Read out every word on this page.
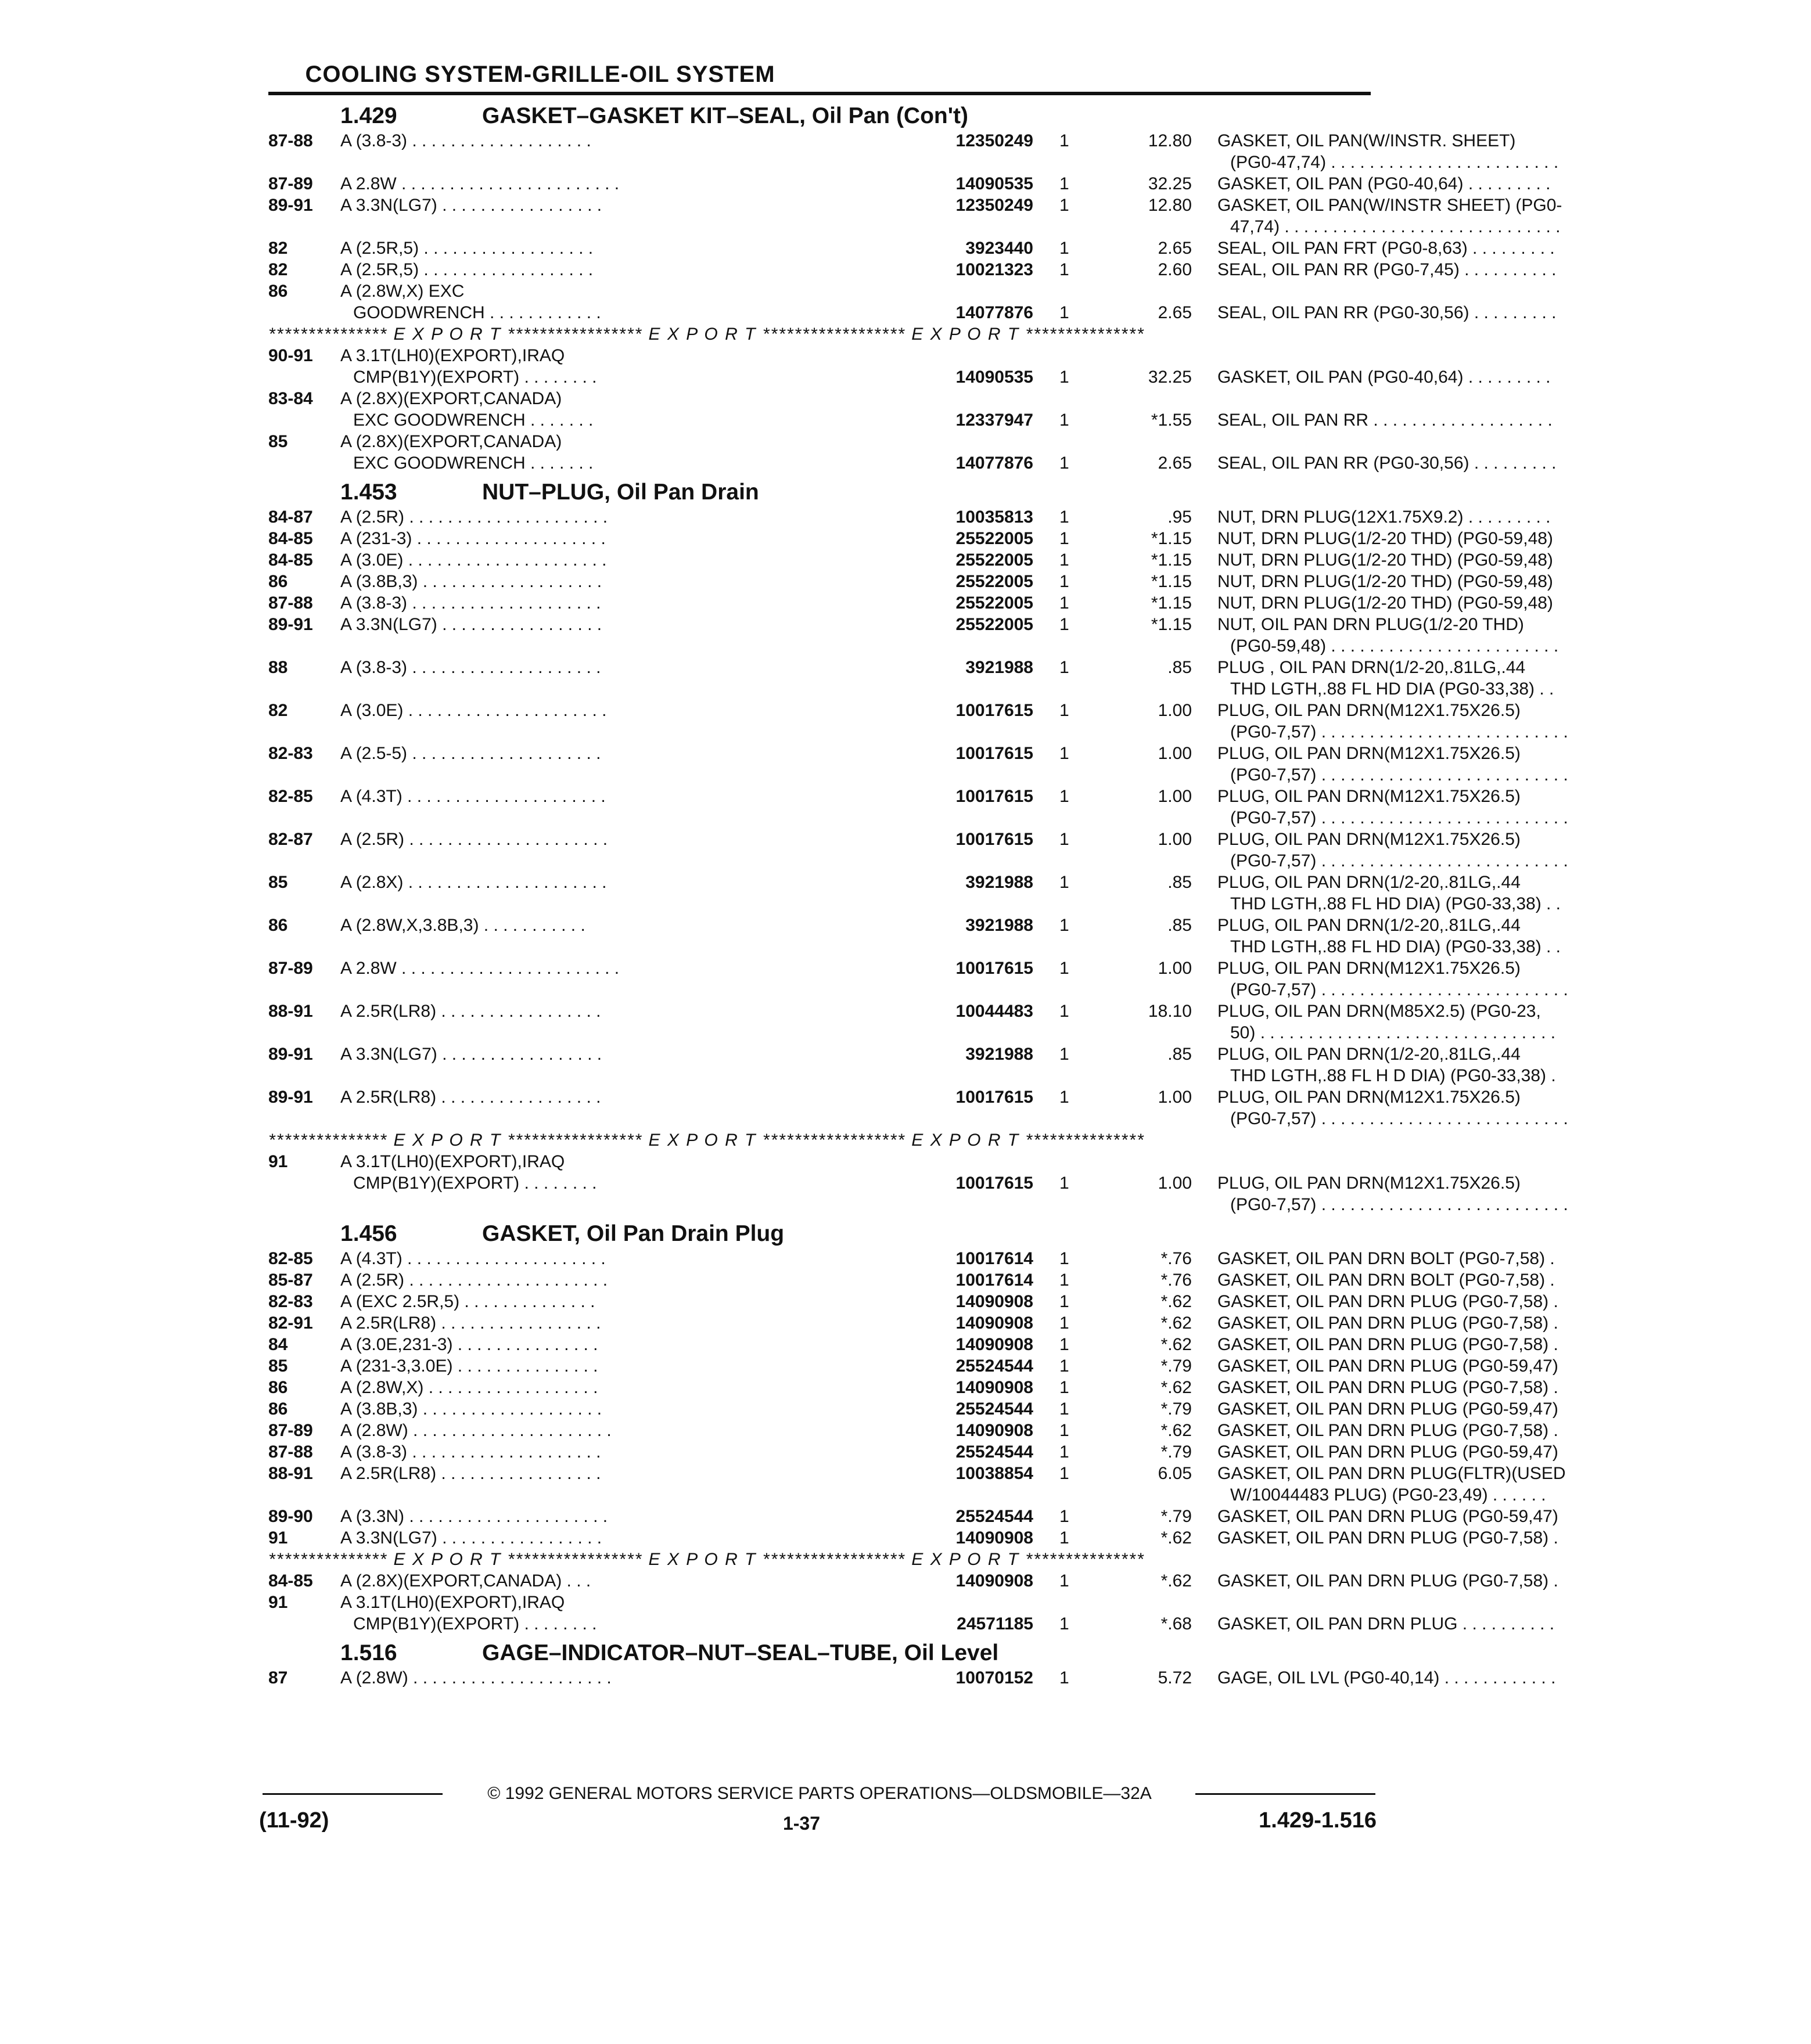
COOLING SYSTEM-GRILLE-OIL SYSTEM
1.429	GASKET–GASKET KIT–SEAL, Oil Pan (Con't)
87-88 A (3.8-3) . . . . . . . . . . . . . . . . . . .	12350249 1	12.80 GASKET, OIL PAN(W/INSTR. SHEET)
(PG0-47,74) . . . . . . . . . . . . . . . . . . . . . . . .
87-89 A 2.8W . . . . . . . . . . . . . . . . . . . . . . .	14090535 1	32.25 GASKET, OIL PAN (PG0-40,64) . . . . . . . . .
89-91 A 3.3N(LG7) . . . . . . . . . . . . . . . . .	12350249 1	12.80 GASKET, OIL PAN(W/INSTR SHEET) (PG0-
47,74) . . . . . . . . . . . . . . . . . . . . . . . . . . . . .
82	A (2.5R,5) . . . . . . . . . . . . . . . . . .	3923440 1	2.65 SEAL, OIL PAN FRT (PG0-8,63) . . . . . . . . .
82	A (2.5R,5) . . . . . . . . . . . . . . . . . .	10021323 1	2.60 SEAL, OIL PAN RR (PG0-7,45) . . . . . . . . . .
86	A (2.8W,X) EXC
GOODWRENCH . . . . . . . . . . . .	14077876 1	2.65 SEAL, OIL PAN RR (PG0-30,56) . . . . . . . . .
*************** E X P O R T ***************** E X P O R T ****************** E X P O R T ***************
90-91 A 3.1T(LH0)(EXPORT),IRAQ
CMP(B1Y)(EXPORT) . . . . . . . .	14090535 1	32.25 GASKET, OIL PAN (PG0-40,64) . . . . . . . . .
83-84 A (2.8X)(EXPORT,CANADA)
EXC GOODWRENCH . . . . . . .	12337947 1	*1.55 SEAL, OIL PAN RR . . . . . . . . . . . . . . . . . . .
85	A (2.8X)(EXPORT,CANADA)
EXC GOODWRENCH . . . . . . .	14077876 1	2.65 SEAL, OIL PAN RR (PG0-30,56) . . . . . . . . .
1.453	NUT–PLUG, Oil Pan Drain
84-87 A (2.5R) . . . . . . . . . . . . . . . . . . . . .	10035813 1	.95 NUT, DRN PLUG(12X1.75X9.2) . . . . . . . . .
84-85 A (231-3) . . . . . . . . . . . . . . . . . . . .	25522005 1	*1.15 NUT, DRN PLUG(1/2-20 THD) (PG0-59,48)
84-85 A (3.0E) . . . . . . . . . . . . . . . . . . . . .	25522005 1	*1.15 NUT, DRN PLUG(1/2-20 THD) (PG0-59,48)
86	A (3.8B,3) . . . . . . . . . . . . . . . . . . .	25522005 1	*1.15 NUT, DRN PLUG(1/2-20 THD) (PG0-59,48)
87-88 A (3.8-3) . . . . . . . . . . . . . . . . . . . .	25522005 1	*1.15 NUT, DRN PLUG(1/2-20 THD) (PG0-59,48)
89-91 A 3.3N(LG7) . . . . . . . . . . . . . . . . .	25522005 1	*1.15 NUT, OIL PAN DRN PLUG(1/2-20 THD)
(PG0-59,48) . . . . . . . . . . . . . . . . . . . . . . . .
88	A (3.8-3) . . . . . . . . . . . . . . . . . . . .	3921988 1	.85 PLUG , OIL PAN DRN(1/2-20,.81LG,.44
THD LGTH,.88 FL HD DIA (PG0-33,38) . .
82	A (3.0E) . . . . . . . . . . . . . . . . . . . . .	10017615 1	1.00 PLUG, OIL PAN DRN(M12X1.75X26.5)
(PG0-7,57) . . . . . . . . . . . . . . . . . . . . . . . . . .
82-83 A (2.5-5) . . . . . . . . . . . . . . . . . . . .	10017615 1	1.00 PLUG, OIL PAN DRN(M12X1.75X26.5)
(PG0-7,57) . . . . . . . . . . . . . . . . . . . . . . . . . .
82-85 A (4.3T) . . . . . . . . . . . . . . . . . . . . .	10017615 1	1.00 PLUG, OIL PAN DRN(M12X1.75X26.5)
(PG0-7,57) . . . . . . . . . . . . . . . . . . . . . . . . . .
82-87 A (2.5R) . . . . . . . . . . . . . . . . . . . . .	10017615 1	1.00 PLUG, OIL PAN DRN(M12X1.75X26.5)
(PG0-7,57) . . . . . . . . . . . . . . . . . . . . . . . . . .
85	A (2.8X) . . . . . . . . . . . . . . . . . . . . .	3921988 1	.85 PLUG, OIL PAN DRN(1/2-20,.81LG,.44
THD LGTH,.88 FL HD DIA) (PG0-33,38) . .
86	A (2.8W,X,3.8B,3) . . . . . . . . . . .	3921988 1	.85 PLUG, OIL PAN DRN(1/2-20,.81LG,.44
THD LGTH,.88 FL HD DIA) (PG0-33,38) . .
87-89 A 2.8W . . . . . . . . . . . . . . . . . . . . . . .	10017615 1	1.00 PLUG, OIL PAN DRN(M12X1.75X26.5)
(PG0-7,57) . . . . . . . . . . . . . . . . . . . . . . . . . .
88-91 A 2.5R(LR8) . . . . . . . . . . . . . . . . .	10044483 1	18.10 PLUG, OIL PAN DRN(M85X2.5) (PG0-23,
50) . . . . . . . . . . . . . . . . . . . . . . . . . . . . . . .
89-91 A 3.3N(LG7) . . . . . . . . . . . . . . . . .	3921988 1	.85 PLUG, OIL PAN DRN(1/2-20,.81LG,.44
THD LGTH,.88 FL H D DIA) (PG0-33,38) .
89-91 A 2.5R(LR8) . . . . . . . . . . . . . . . . .	10017615 1	1.00 PLUG, OIL PAN DRN(M12X1.75X26.5)
(PG0-7,57) . . . . . . . . . . . . . . . . . . . . . . . . . .
*************** E X P O R T ***************** E X P O R T ****************** E X P O R T ***************
91	A 3.1T(LH0)(EXPORT),IRAQ
CMP(B1Y)(EXPORT) . . . . . . . .	10017615 1	1.00 PLUG, OIL PAN DRN(M12X1.75X26.5)
(PG0-7,57) . . . . . . . . . . . . . . . . . . . . . . . . . .
1.456	GASKET, Oil Pan Drain Plug
82-85 A (4.3T) . . . . . . . . . . . . . . . . . . . . .	10017614 1	*.76 GASKET, OIL PAN DRN BOLT (PG0-7,58) .
85-87 A (2.5R) . . . . . . . . . . . . . . . . . . . . .	10017614 1	*.76 GASKET, OIL PAN DRN BOLT (PG0-7,58) .
82-83 A (EXC 2.5R,5) . . . . . . . . . . . . . .	14090908 1	*.62 GASKET, OIL PAN DRN PLUG (PG0-7,58) .
82-91 A 2.5R(LR8) . . . . . . . . . . . . . . . . .	14090908 1	*.62 GASKET, OIL PAN DRN PLUG (PG0-7,58) .
84	A (3.0E,231-3) . . . . . . . . . . . . . . .	14090908 1	*.62 GASKET, OIL PAN DRN PLUG (PG0-7,58) .
85	A (231-3,3.0E) . . . . . . . . . . . . . . .	25524544 1	*.79 GASKET, OIL PAN DRN PLUG (PG0-59,47)
86	A (2.8W,X) . . . . . . . . . . . . . . . . . .	14090908 1	*.62 GASKET, OIL PAN DRN PLUG (PG0-7,58) .
86	A (3.8B,3) . . . . . . . . . . . . . . . . . . .	25524544 1	*.79 GASKET, OIL PAN DRN PLUG (PG0-59,47)
87-89 A (2.8W) . . . . . . . . . . . . . . . . . . . . .	14090908 1	*.62 GASKET, OIL PAN DRN PLUG (PG0-7,58) .
87-88 A (3.8-3) . . . . . . . . . . . . . . . . . . . .	25524544 1	*.79 GASKET, OIL PAN DRN PLUG (PG0-59,47)
88-91 A 2.5R(LR8) . . . . . . . . . . . . . . . . .	10038854 1	6.05 GASKET, OIL PAN DRN PLUG(FLTR)(USED
W/10044483 PLUG) (PG0-23,49) . . . . . .
89-90 A (3.3N) . . . . . . . . . . . . . . . . . . . . .	25524544 1	*.79 GASKET, OIL PAN DRN PLUG (PG0-59,47)
91	A 3.3N(LG7) . . . . . . . . . . . . . . . . .	14090908 1	*.62 GASKET, OIL PAN DRN PLUG (PG0-7,58) .
*************** E X P O R T ***************** E X P O R T ****************** E X P O R T ***************
84-85 A (2.8X)(EXPORT,CANADA) . . .	14090908 1	*.62 GASKET, OIL PAN DRN PLUG (PG0-7,58) .
91	A 3.1T(LH0)(EXPORT),IRAQ
CMP(B1Y)(EXPORT) . . . . . . . .	24571185 1	*.68 GASKET, OIL PAN DRN PLUG . . . . . . . . . .
1.516	GAGE–INDICATOR–NUT–SEAL–TUBE, Oil Level
87	A (2.8W) . . . . . . . . . . . . . . . . . . . . .	10070152 1	5.72 GAGE, OIL LVL (PG0-40,14) . . . . . . . . . . . .
© 1992 GENERAL MOTORS SERVICE PARTS OPERATIONS—OLDSMOBILE—32A
(11-92)	1-37	1.429-1.516
